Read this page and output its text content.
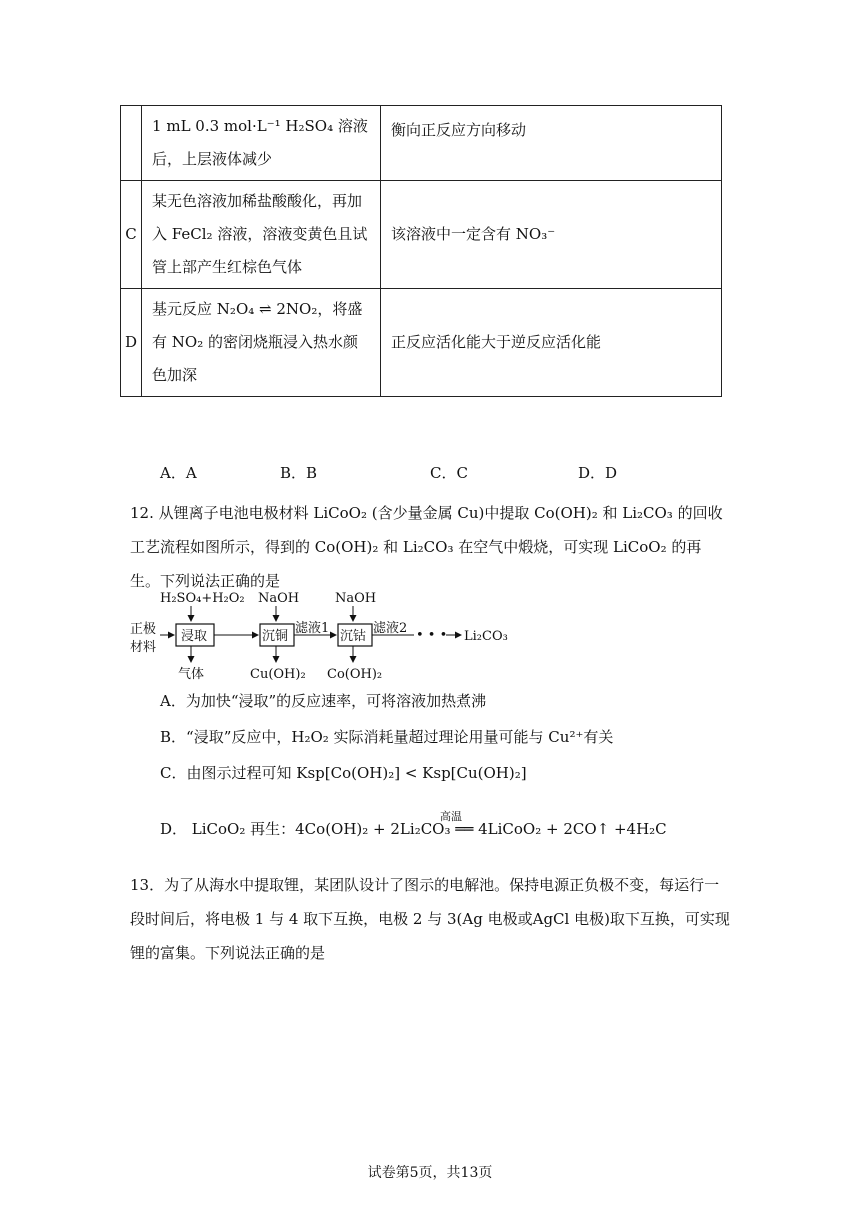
	1 mL 0.3 mol·L⁻¹ H₂SO₄ 溶液后，上层液体减少	衡向正反应方向移动
C	某无色溶液加稀盐酸酸化，再加入 FeCl₂ 溶液，溶液变黄色且试管上部产生红棕色气体	该溶液中一定含有 NO₃⁻
D	基元反应 N₂O₄ ⇌ 2NO₂，将盛有 NO₂ 的密闭烧瓶浸入热水颜色加深	正反应活化能大于逆反应活化能
A．A	B．B	C．C	D．D
12. 从锂离子电池电极材料 LiCoO₂ (含少量金属 Cu)中提取 Co(OH)₂ 和 Li₂CO₃ 的回收工艺流程如图所示，得到的 Co(OH)₂ 和 Li₂CO₃ 在空气中煅烧，可实现 LiCoO₂ 的再生。下列说法正确的是
H₂SO₄+H₂O₂ NaOH	NaOH
正极
材料
浸取	沉铜
滤液1
沉钴
滤液2 • • • Li₂CO₃
气体	Cu(OH)₂ Co(OH)₂
A．为加快“浸取”的反应速率，可将溶液加热煮沸
B．“浸取”反应中，H₂O₂ 实际消耗量超过理论用量可能与 Cu²⁺有关
C．由图示过程可知 Ksp[Co(OH)₂] < Ksp[Cu(OH)₂]
高温
D． LiCoO₂ 再生：4Co(OH)₂ + 2Li₂CO₃ ══ 4LiCoO₂ + 2CO↑ +4H₂C
13．为了从海水中提取锂，某团队设计了图示的电解池。保持电源正负极不变，每运行一段时间后，将电极 1 与 4 取下互换，电极 2 与 3(Ag 电极或AgCl 电极)取下互换，可实现锂的富集。下列说法正确的是
试卷第5页，共13页
